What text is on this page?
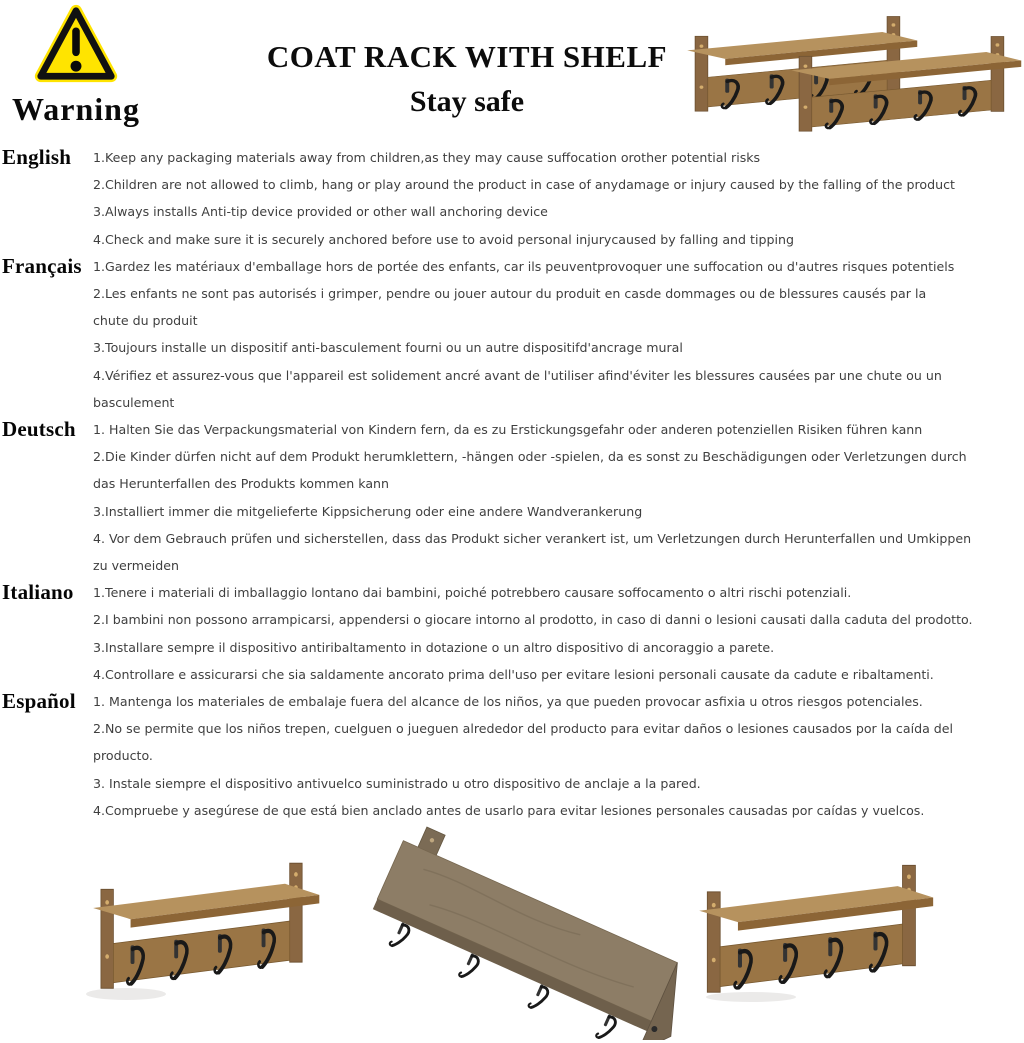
Warning
COAT RACK WITH SHELF
Stay safe
English	1.Keep any packaging materials away from children,as they may cause suffocation orother potential risks
2.Children are not allowed to climb, hang or play around the product in case of anydamage or injury caused by the falling of the product
3.Always installs Anti-tip device provided or other wall anchoring device
4.Check and make sure it is securely anchored before use to avoid personal injurycaused by falling and tipping
Français 1.Gardez les matériaux d'emballage hors de portée des enfants, car ils peuventprovoquer une suffocation ou d'autres risques potentiels
2.Les enfants ne sont pas autorisés i grimper, pendre ou jouer autour du produit en casde dommages ou de blessures causés par la
chute du produit
3.Toujours installe un dispositif anti-basculement fourni ou un autre dispositifd'ancrage mural
4.Vérifiez et assurez-vous que l'appareil est solidement ancré avant de l'utiliser afind'éviter les blessures causées par une chute ou un
basculement
Deutsch	1. Halten Sie das Verpackungsmaterial von Kindern fern, da es zu Erstickungsgefahr oder anderen potenziellen Risiken führen kann
2.Die Kinder dürfen nicht auf dem Produkt herumklettern, -hängen oder -spielen, da es sonst zu Beschädigungen oder Verletzungen durch
das Herunterfallen des Produkts kommen kann
3.Installiert immer die mitgelieferte Kippsicherung oder eine andere Wandverankerung
4. Vor dem Gebrauch prüfen und sicherstellen, dass das Produkt sicher verankert ist, um Verletzungen durch Herunterfallen und Umkippen
zu vermeiden
Italiano	1.Tenere i materiali di imballaggio lontano dai bambini, poiché potrebbero causare soffocamento o altri rischi potenziali.
2.I bambini non possono arrampicarsi, appendersi o giocare intorno al prodotto, in caso di danni o lesioni causati dalla caduta del prodotto.
3.Installare sempre il dispositivo antiribaltamento in dotazione o un altro dispositivo di ancoraggio a parete.
4.Controllare e assicurarsi che sia saldamente ancorato prima dell'uso per evitare lesioni personali causate da cadute e ribaltamenti.
Español	1. Mantenga los materiales de embalaje fuera del alcance de los niños, ya que pueden provocar asfixia u otros riesgos potenciales.
2.No se permite que los niños trepen, cuelguen o jueguen alrededor del producto para evitar daños o lesiones causados por la caída del
producto.
3. Instale siempre el dispositivo antivuelco suministrado u otro dispositivo de anclaje a la pared.
4.Compruebe y asegúrese de que está bien anclado antes de usarlo para evitar lesiones personales causadas por caídas y vuelcos.
